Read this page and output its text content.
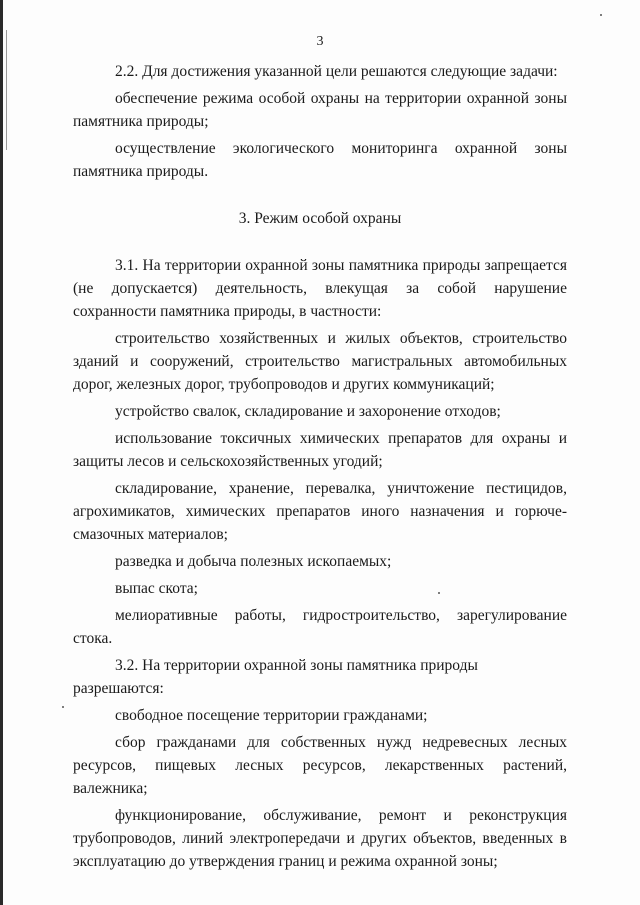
3

2.2. Для достижения указанной цели решаются следующие задачи:

обеспечение режима особой охраны на территории охранной зоны памятника природы;

осуществление экологического мониторинга охранной зоны памятника природы.

3. Режим особой охраны

3.1. На территории охранной зоны памятника природы запрещается (не допускается) деятельность, влекущая за собой нарушение сохранности памятника природы, в частности:

строительство хозяйственных и жилых объектов, строительство зданий и сооружений, строительство магистральных автомобильных дорог, железных дорог, трубопроводов и других коммуникаций;

устройство свалок, складирование и захоронение отходов;

использование токсичных химических препаратов для охраны и защиты лесов и сельскохозяйственных угодий;

складирование, хранение, перевалка, уничтожение пестицидов, агрохимикатов, химических препаратов иного назначения и горюче-смазочных материалов;

разведка и добыча полезных ископаемых;

выпас скота;

мелиоративные работы, гидростроительство, зарегулирование стока.

3.2. На территории охранной зоны памятника природы разрешаются:

свободное посещение территории гражданами;

сбор гражданами для собственных нужд недревесных лесных ресурсов, пищевых лесных ресурсов, лекарственных растений, валежника;

функционирование, обслуживание, ремонт и реконструкция трубопроводов, линий электропередачи и других объектов, введенных в эксплуатацию до утверждения границ и режима охранной зоны;
